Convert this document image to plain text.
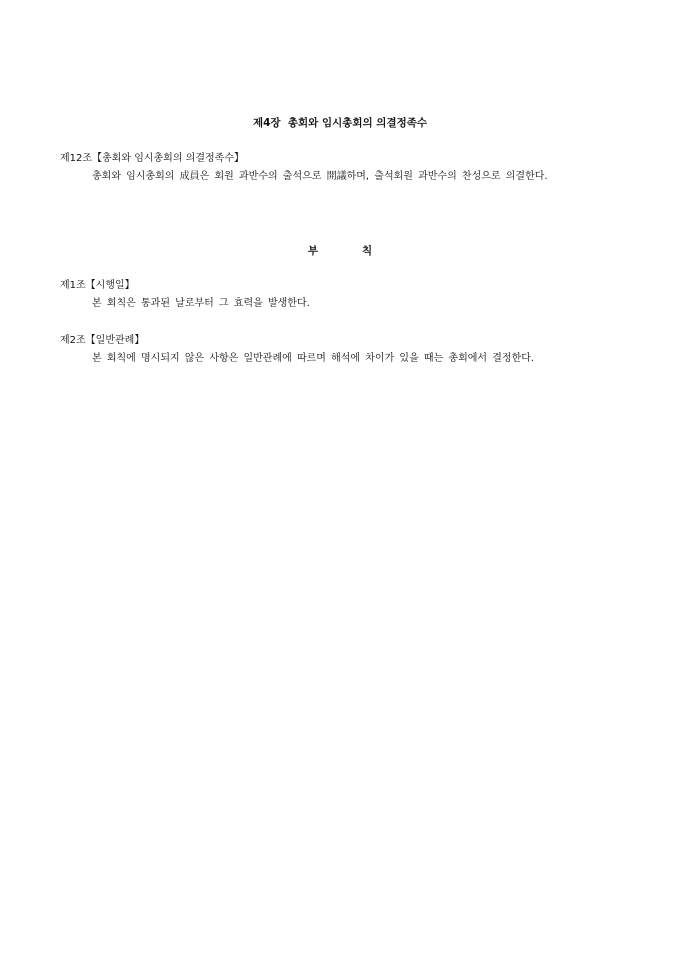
제4장  총회와 임시총회의 의결정족수
제12조【총회와 임시총회의 의결정족수】
총회와 임시총회의 成員은 회원 과반수의 출석으로 開議하며, 출석회원 과반수의 찬성으로 의결한다.
부	칙
제1조【시행일】
본 회칙은 통과된 날로부터 그 효력을 발생한다.
제2조【일반관례】
본 회칙에 명시되지 않은 사항은 일반관례에 따르며 해석에 차이가 있을 때는 총회에서 결정한다.
